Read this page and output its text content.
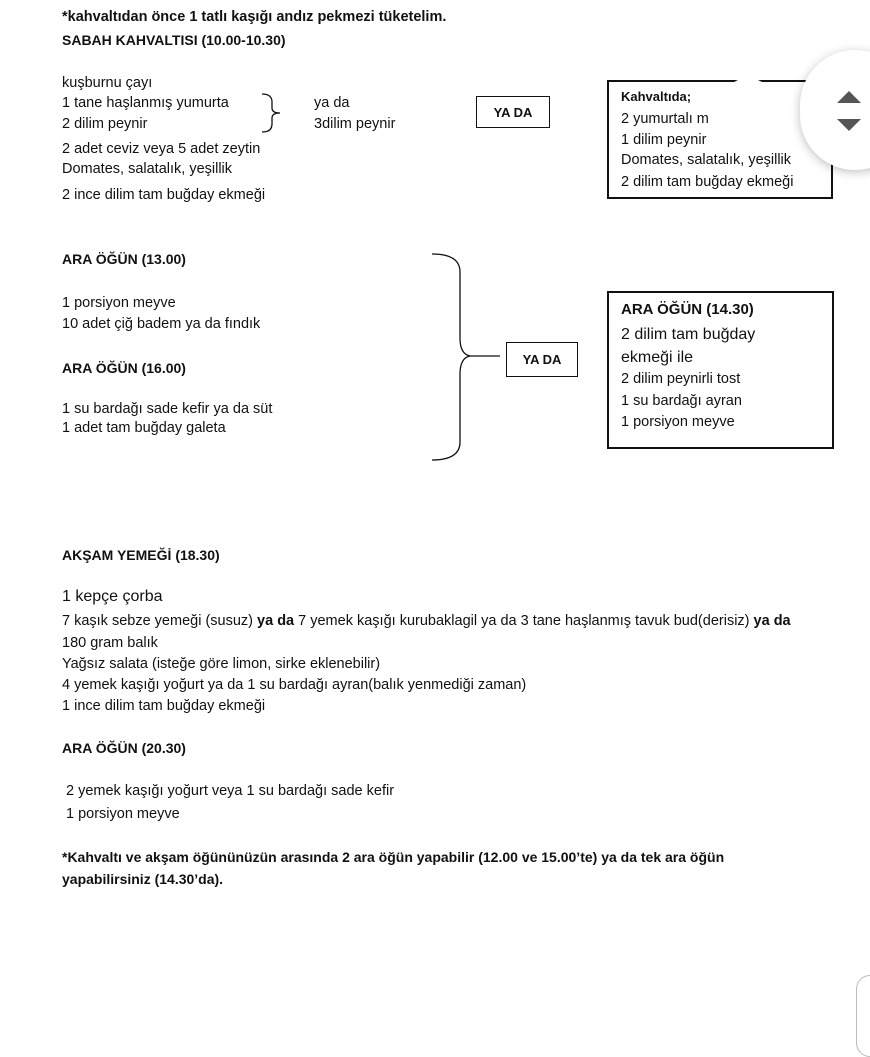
*kahvaltıdan önce 1 tatlı kaşığı andız pekmezi tüketelim.
SABAH KAHVALTISI (10.00-10.30)
kuşburnu çayı
1 tane haşlanmış yumurta
2 dilim peynir
2 adet ceviz veya 5 adet zeytin
Domates, salatalık, yeşillik
2 ince dilim tam buğday ekmeği
ya da
3dilim peynir
YA DA
Kahvaltıda;
2 yumurtalı m
1 dilim peynir
Domates, salatalık, yeşillik
2 dilim tam buğday ekmeği
ARA ÖĞÜN (13.00)
1 porsiyon meyve
10 adet çiğ badem ya da fındık
ARA ÖĞÜN (16.00)
1 su bardağı sade kefir ya da süt
1 adet tam buğday galeta
YA DA
ARA ÖĞÜN (14.30)
2 dilim tam buğday
ekmeği ile
2 dilim peynirli tost
1 su bardağı ayran
1 porsiyon meyve
AKŞAM YEMEĞİ (18.30)
1 kepçe çorba
7 kaşık sebze yemeği (susuz) ya da 7 yemek kaşığı kurubaklagil ya da 3 tane haşlanmış tavuk bud(derisiz) ya da
180 gram balık
Yağsız salata (isteğe göre limon, sirke eklenebilir)
4 yemek kaşığı yoğurt ya da 1 su bardağı ayran(balık yenmediği zaman)
1 ince dilim tam buğday ekmeği
ARA ÖĞÜN (20.30)
2 yemek kaşığı yoğurt veya 1 su bardağı sade kefir
1 porsiyon meyve
*Kahvaltı ve akşam öğününüzün arasında 2 ara öğün yapabilir (12.00 ve 15.00’te) ya da tek ara öğün
yapabilirsiniz (14.30’da).
